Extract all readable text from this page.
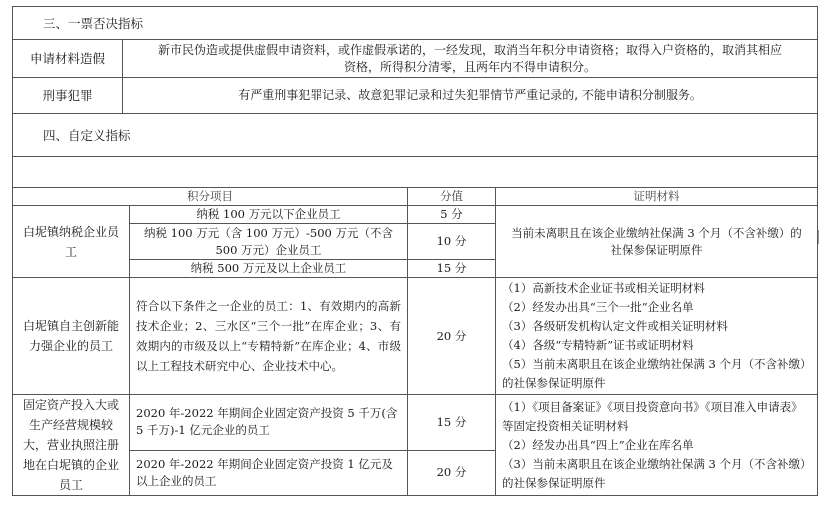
三、一票否决指标	
申请材料造假	新市民伪造或提供虚假申请资料，或作虚假承诺的，一经发现，取消当年积分申请资格；取得入户资格的，取消其相应
资格，所得积分清零，且两年内不得申请积分。

刑事犯罪	有严重刑事犯罪记录、故意犯罪记录和过失犯罪情节严重记录的, 不能申请积分制服务。
四、自定义指标	

积分项目		分值	证明材料
白坭镇纳税企业员工	纳税 100 万元以下企业员工	5 分	当前未离职且在该企业缴纳社保满 3 个月（不含补缴）的社保参保证明原件
	纳税 100 万元（含 100 万元）-500 万元（不含 500 万元）企业员工	10 分	
	纳税 500 万元及以上企业员工	15 分	
白坭镇自主创新能力强企业的员工	符合以下条件之一企业的员工：1、有效期内的高新技术企业；2、三水区“三个一批”在库企业；3、有效期内的市级及以上“专精特新”在库企业；4、市级以上工程技术研究中心、企业技术中心。	20 分	（1）高新技术企业证书或相关证明材料
（2）经发办出具“三个一批”企业名单
（3）各级研发机构认定文件或相关证明材料
（4）各级“专精特新”证书或证明材料
（5）当前未离职且在该企业缴纳社保满 3 个月（不含补缴）的社保参保证明原件

固定资产投入大或生产经营规模较大，营业执照注册地在白坭镇的企业员工	2020 年-2022 年期间企业固定资产投资 5 千万(含 5 千万)-1 亿元企业的员工	15 分	（1）《项目备案证》《项目投资意向书》《项目准入申请表》等固定投资相关证明材料
（2）经发办出具“四上”企业在库名单
（3）当前未离职且在该企业缴纳社保满 3 个月（不含补缴）的社保参保证明原件

	2020 年-2022 年期间企业固定资产投资 1 亿元及以上企业的员工	20 分	
